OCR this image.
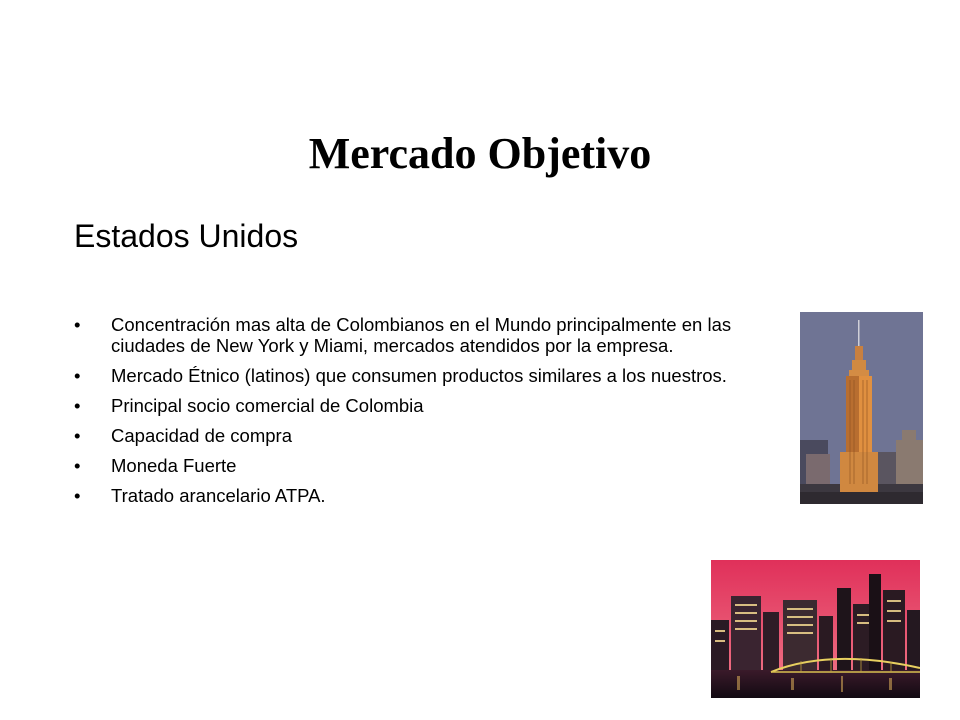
Mercado Objetivo
Estados Unidos
• Concentración mas alta de Colombianos en el Mundo principalmente en las ciudades de New York y Miami, mercados atendidos por la empresa.
• Mercado Étnico (latinos) que consumen productos similares a los nuestros.
• Principal socio comercial de Colombia
• Capacidad de compra
• Moneda Fuerte
• Tratado arancelario ATPA.
